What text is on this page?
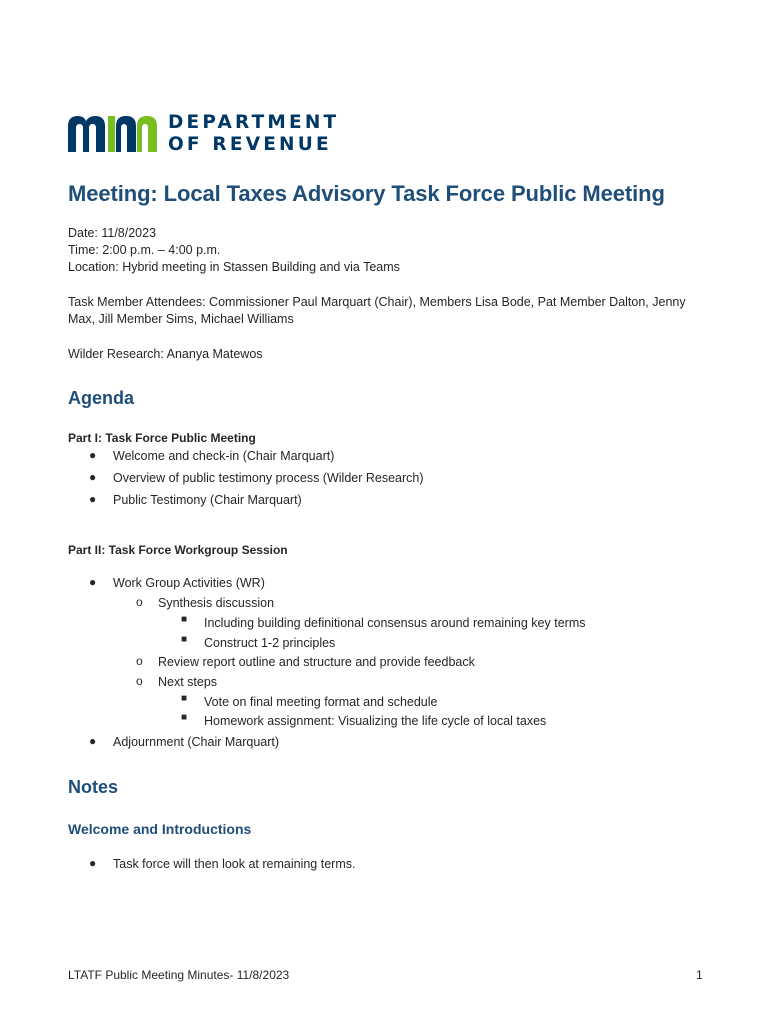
DEPARTMENT
OF REVENUE
Meeting: Local Taxes Advisory Task Force Public Meeting
Date: 11/8/2023
Time: 2:00 p.m. – 4:00 p.m.
Location: Hybrid meeting in Stassen Building and via Teams
Task Member Attendees: Commissioner Paul Marquart (Chair), Members Lisa Bode, Pat Member Dalton, Jenny
Max, Jill Member Sims, Michael Williams
Wilder Research: Ananya Matewos
Agenda
Part I: Task Force Public Meeting
● Welcome and check-in (Chair Marquart)
● Overview of public testimony process (Wilder Research)
● Public Testimony (Chair Marquart)
Part II: Task Force Workgroup Session
● Work Group Activities (WR)
o Synthesis discussion
■ Including building definitional consensus around remaining key terms
■ Construct 1-2 principles
o Review report outline and structure and provide feedback
o Next steps
■ Vote on final meeting format and schedule
■ Homework assignment: Visualizing the life cycle of local taxes
● Adjournment (Chair Marquart)
Notes
Welcome and Introductions
● Task force will then look at remaining terms.
LTATF Public Meeting Minutes- 11/8/2023	1
